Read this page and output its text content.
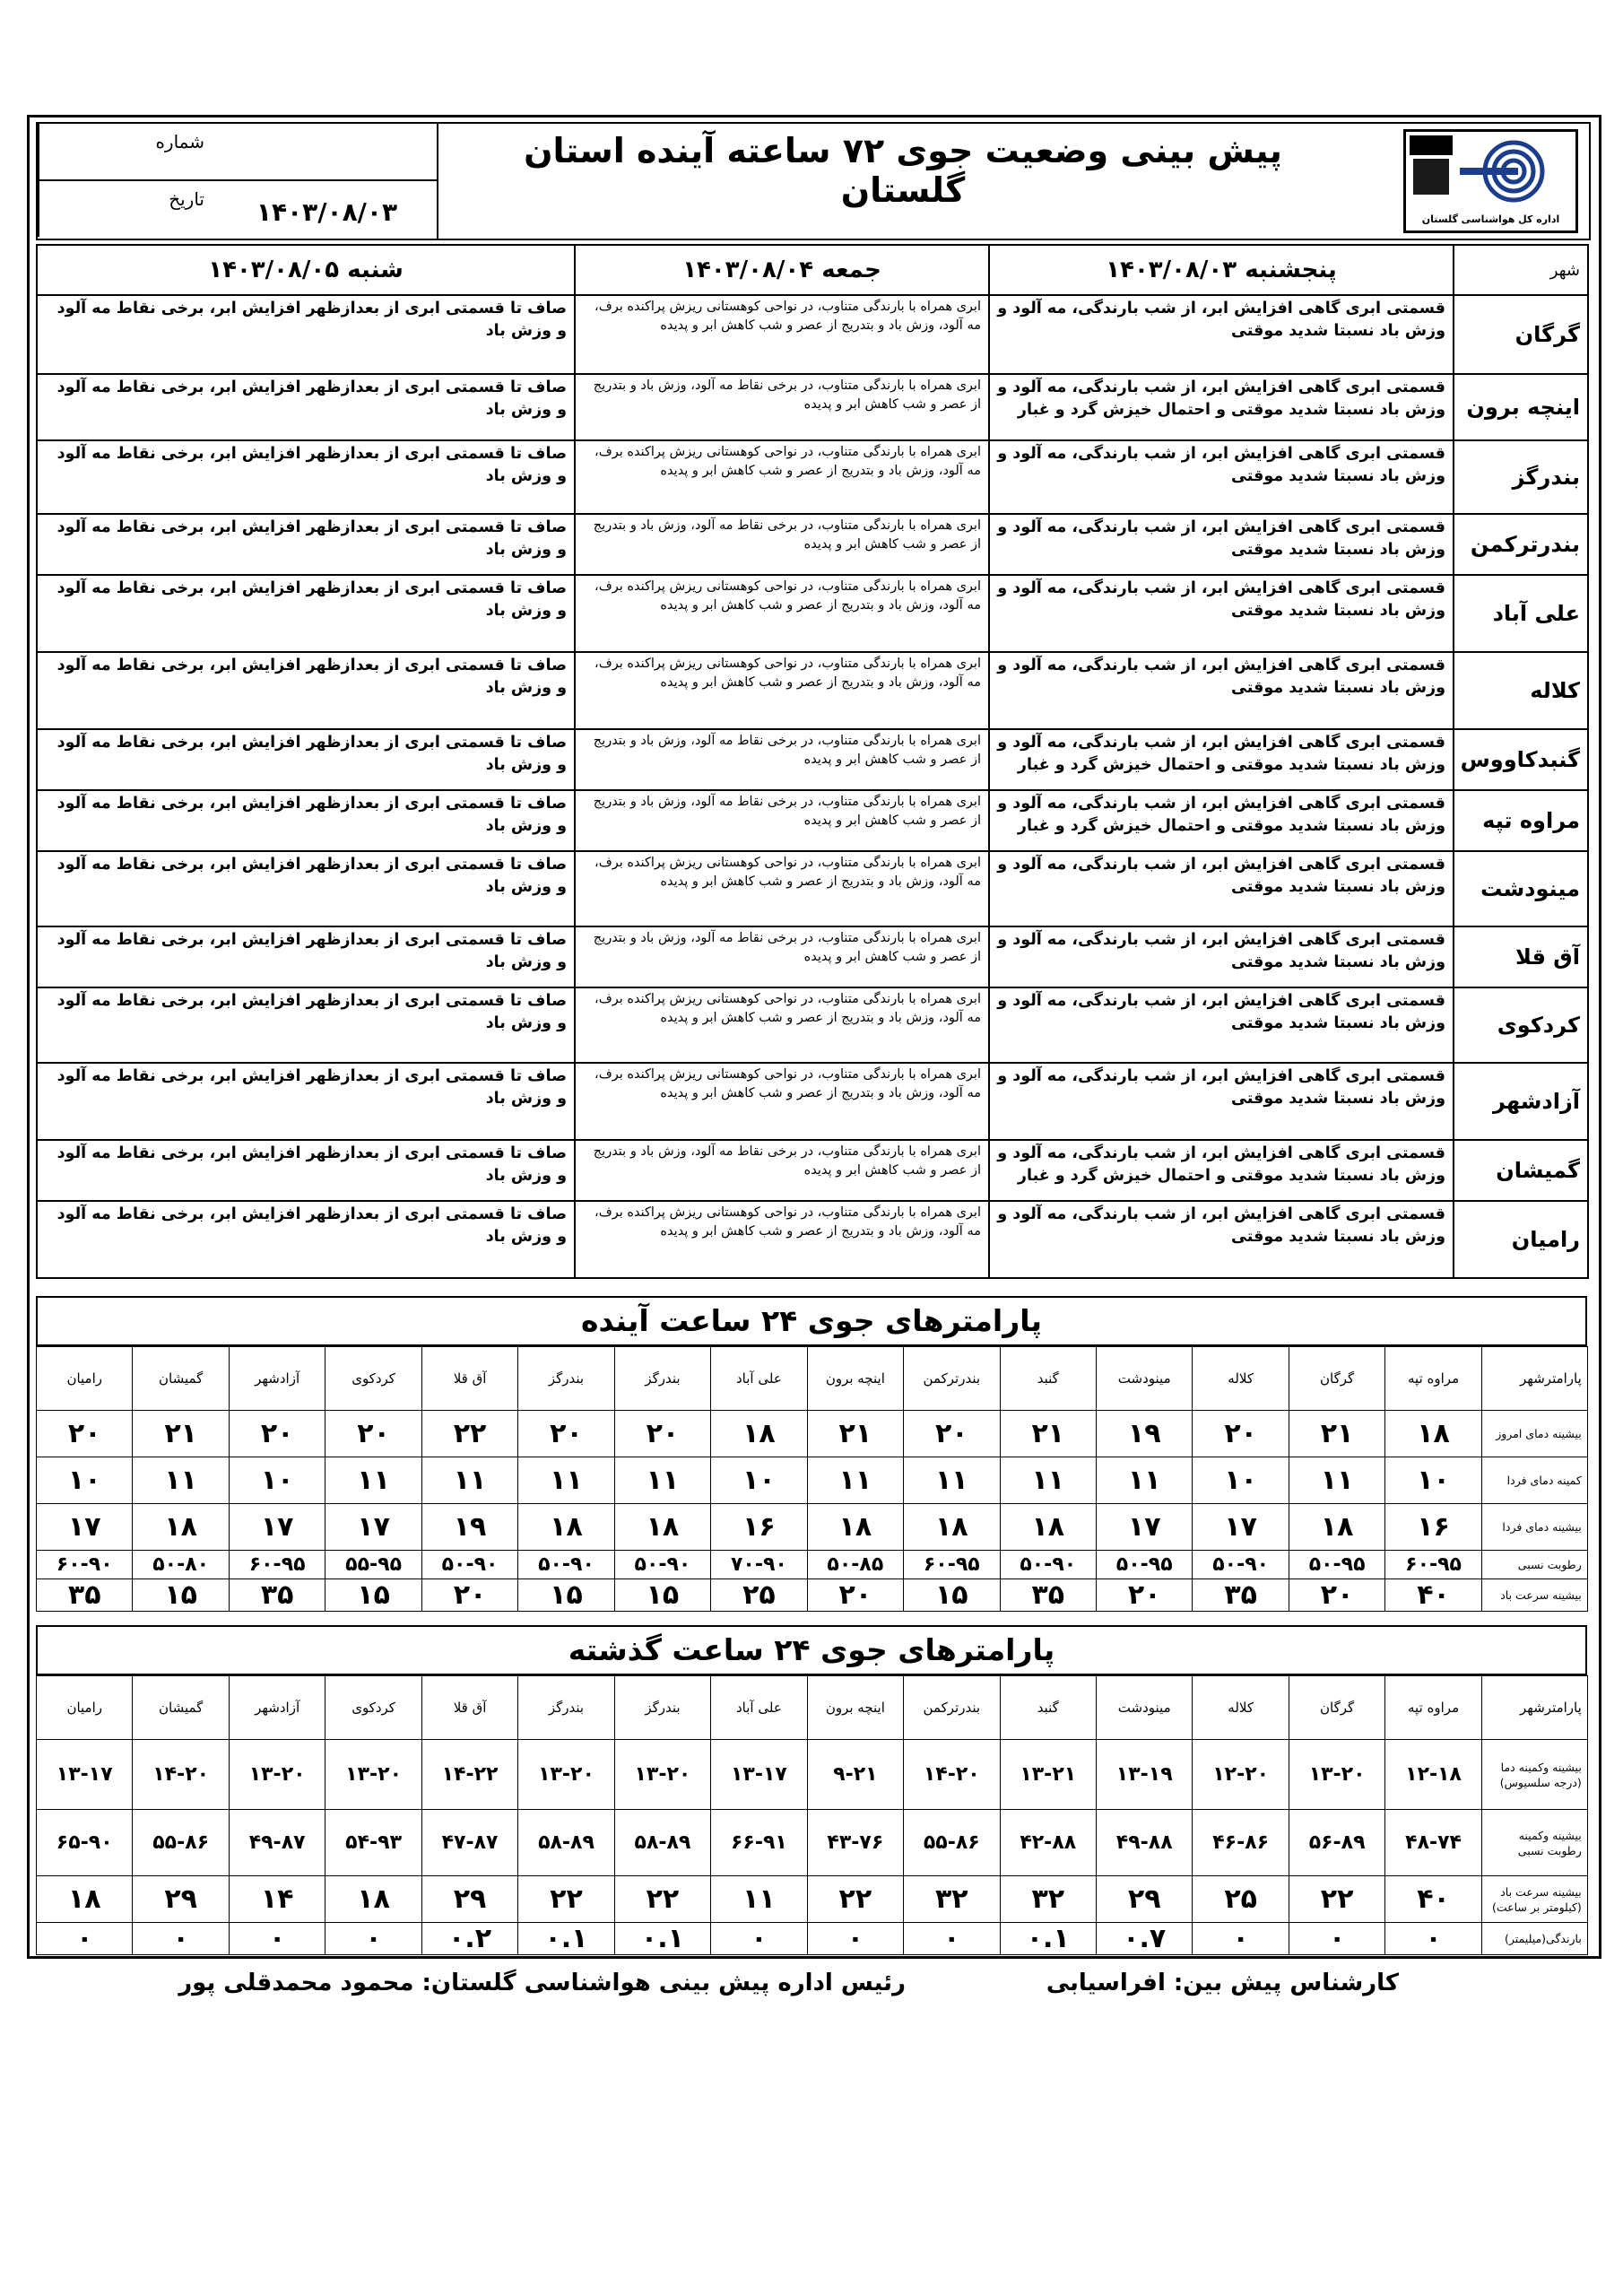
شماره
۱۴۰۳/۰۸/۰۳
تاریخ
پیش بینی وضعیت جوی ۷۲ ساعته آینده استان گلستان
اداره کل هواشناسی گلستان
شهر	پنجشنبه ۱۴۰۳/۰۸/۰۳	جمعه ۱۴۰۳/۰۸/۰۴	شنبه ۱۴۰۳/۰۸/۰۵
گرگان	قسمتی ابری گاهی افزایش ابر، از شب بارندگی، مه آلود و وزش باد نسبتا شدید موقتی	ابری همراه با بارندگی متناوب، در نواحی کوهستانی ریزش پراکنده برف، مه آلود، وزش باد و بتدریج از عصر و شب کاهش ابر و پدیده	صاف تا قسمتی ابری از بعدازظهر افزایش ابر، برخی نقاط مه آلود و وزش باد
اینچه برون	قسمتی ابری گاهی افزایش ابر، از شب بارندگی، مه آلود و وزش باد نسبتا شدید موقتی و احتمال خیزش گرد و غبار	ابری همراه با بارندگی متناوب، در برخی نقاط مه آلود، وزش باد و بتدریج از عصر و شب کاهش ابر و پدیده	صاف تا قسمتی ابری از بعدازظهر افزایش ابر، برخی نقاط مه آلود و وزش باد
بندرگز	قسمتی ابری گاهی افزایش ابر، از شب بارندگی، مه آلود و وزش باد نسبتا شدید موقتی	ابری همراه با بارندگی متناوب، در نواحی کوهستانی ریزش پراکنده برف، مه آلود، وزش باد و بتدریج از عصر و شب کاهش ابر و پدیده	صاف تا قسمتی ابری از بعدازظهر افزایش ابر، برخی نقاط مه آلود و وزش باد
بندرترکمن	قسمتی ابری گاهی افزایش ابر، از شب بارندگی، مه آلود و وزش باد نسبتا شدید موقتی	ابری همراه با بارندگی متناوب، در برخی نقاط مه آلود، وزش باد و بتدریج از عصر و شب کاهش ابر و پدیده	صاف تا قسمتی ابری از بعدازظهر افزایش ابر، برخی نقاط مه آلود و وزش باد
علی آباد	قسمتی ابری گاهی افزایش ابر، از شب بارندگی، مه آلود و وزش باد نسبتا شدید موقتی	ابری همراه با بارندگی متناوب، در نواحی کوهستانی ریزش پراکنده برف، مه آلود، وزش باد و بتدریج از عصر و شب کاهش ابر و پدیده	صاف تا قسمتی ابری از بعدازظهر افزایش ابر، برخی نقاط مه آلود و وزش باد
کلاله	قسمتی ابری گاهی افزایش ابر، از شب بارندگی، مه آلود و وزش باد نسبتا شدید موقتی	ابری همراه با بارندگی متناوب، در نواحی کوهستانی ریزش پراکنده برف، مه آلود، وزش باد و بتدریج از عصر و شب کاهش ابر و پدیده	صاف تا قسمتی ابری از بعدازظهر افزایش ابر، برخی نقاط مه آلود و وزش باد
گنبدکاووس	قسمتی ابری گاهی افزایش ابر، از شب بارندگی، مه آلود و وزش باد نسبتا شدید موقتی و احتمال خیزش گرد و غبار	ابری همراه با بارندگی متناوب، در برخی نقاط مه آلود، وزش باد و بتدریج از عصر و شب کاهش ابر و پدیده	صاف تا قسمتی ابری از بعدازظهر افزایش ابر، برخی نقاط مه آلود و وزش باد
مراوه تپه	قسمتی ابری گاهی افزایش ابر، از شب بارندگی، مه آلود و وزش باد نسبتا شدید موقتی و احتمال خیزش گرد و غبار	ابری همراه با بارندگی متناوب، در برخی نقاط مه آلود، وزش باد و بتدریج از عصر و شب کاهش ابر و پدیده	صاف تا قسمتی ابری از بعدازظهر افزایش ابر، برخی نقاط مه آلود و وزش باد
مینودشت	قسمتی ابری گاهی افزایش ابر، از شب بارندگی، مه آلود و وزش باد نسبتا شدید موقتی	ابری همراه با بارندگی متناوب، در نواحی کوهستانی ریزش پراکنده برف، مه آلود، وزش باد و بتدریج از عصر و شب کاهش ابر و پدیده	صاف تا قسمتی ابری از بعدازظهر افزایش ابر، برخی نقاط مه آلود و وزش باد
آق قلا	قسمتی ابری گاهی افزایش ابر، از شب بارندگی، مه آلود و وزش باد نسبتا شدید موقتی	ابری همراه با بارندگی متناوب، در برخی نقاط مه آلود، وزش باد و بتدریج از عصر و شب کاهش ابر و پدیده	صاف تا قسمتی ابری از بعدازظهر افزایش ابر، برخی نقاط مه آلود و وزش باد
کردکوی	قسمتی ابری گاهی افزایش ابر، از شب بارندگی، مه آلود و وزش باد نسبتا شدید موقتی	ابری همراه با بارندگی متناوب، در نواحی کوهستانی ریزش پراکنده برف، مه آلود، وزش باد و بتدریج از عصر و شب کاهش ابر و پدیده	صاف تا قسمتی ابری از بعدازظهر افزایش ابر، برخی نقاط مه آلود و وزش باد
آزادشهر	قسمتی ابری گاهی افزایش ابر، از شب بارندگی، مه آلود و وزش باد نسبتا شدید موقتی	ابری همراه با بارندگی متناوب، در نواحی کوهستانی ریزش پراکنده برف، مه آلود، وزش باد و بتدریج از عصر و شب کاهش ابر و پدیده	صاف تا قسمتی ابری از بعدازظهر افزایش ابر، برخی نقاط مه آلود و وزش باد
گمیشان	قسمتی ابری گاهی افزایش ابر، از شب بارندگی، مه آلود و وزش باد نسبتا شدید موقتی و احتمال خیزش گرد و غبار	ابری همراه با بارندگی متناوب، در برخی نقاط مه آلود، وزش باد و بتدریج از عصر و شب کاهش ابر و پدیده	صاف تا قسمتی ابری از بعدازظهر افزایش ابر، برخی نقاط مه آلود و وزش باد
رامیان	قسمتی ابری گاهی افزایش ابر، از شب بارندگی، مه آلود و وزش باد نسبتا شدید موقتی	ابری همراه با بارندگی متناوب، در نواحی کوهستانی ریزش پراکنده برف، مه آلود، وزش باد و بتدریج از عصر و شب کاهش ابر و پدیده	صاف تا قسمتی ابری از بعدازظهر افزایش ابر، برخی نقاط مه آلود و وزش باد
پارامترهای جوی ۲۴ ساعت آینده
پارامترشهر	مراوه تپه	گرگان	کلاله	مینودشت	گنبد	بندرترکمن	اینچه برون	علی آباد	بندرگز	بندرگز	آق قلا	کردکوی	آزادشهر	گمیشان	رامیان
بیشینه دمای امروز	۱۸	۲۱	۲۰	۱۹	۲۱	۲۰	۲۱	۱۸	۲۰	۲۰	۲۲	۲۰	۲۰	۲۱	۲۰
کمینه دمای فردا	۱۰	۱۱	۱۰	۱۱	۱۱	۱۱	۱۱	۱۰	۱۱	۱۱	۱۱	۱۱	۱۰	۱۱	۱۰
بیشینه دمای فردا	۱۶	۱۸	۱۷	۱۷	۱۸	۱۸	۱۸	۱۶	۱۸	۱۸	۱۹	۱۷	۱۷	۱۸	۱۷
رطوبت نسبی	۶۰-۹۵	۵۰-۹۵	۵۰-۹۰	۵۰-۹۵	۵۰-۹۰	۶۰-۹۵	۵۰-۸۵	۷۰-۹۰	۵۰-۹۰	۵۰-۹۰	۵۰-۹۰	۵۵-۹۵	۶۰-۹۵	۵۰-۸۰	۶۰-۹۰
بیشینه سرعت باد	۴۰	۲۰	۳۵	۲۰	۳۵	۱۵	۲۰	۲۵	۱۵	۱۵	۲۰	۱۵	۳۵	۱۵	۳۵
پارامترهای جوی ۲۴ ساعت گذشته
پارامترشهر	مراوه تپه	گرگان	کلاله	مینودشت	گنبد	بندرترکمن	اینچه برون	علی آباد	بندرگز	بندرگز	آق قلا	کردکوی	آزادشهر	گمیشان	رامیان
بیشینه وکمینه دما (درجه سلسیوس)	۱۲-۱۸	۱۳-۲۰	۱۲-۲۰	۱۳-۱۹	۱۳-۲۱	۱۴-۲۰	۹-۲۱	۱۳-۱۷	۱۳-۲۰	۱۳-۲۰	۱۴-۲۲	۱۳-۲۰	۱۳-۲۰	۱۴-۲۰	۱۳-۱۷
بیشینه وکمینه رطوبت نسبی	۴۸-۷۴	۵۶-۸۹	۴۶-۸۶	۴۹-۸۸	۴۲-۸۸	۵۵-۸۶	۴۳-۷۶	۶۶-۹۱	۵۸-۸۹	۵۸-۸۹	۴۷-۸۷	۵۴-۹۳	۴۹-۸۷	۵۵-۸۶	۶۵-۹۰
بیشینه سرعت باد (کیلومتر بر ساعت)	۴۰	۲۲	۲۵	۲۹	۳۲	۳۲	۲۲	۱۱	۲۲	۲۲	۲۹	۱۸	۱۴	۲۹	۱۸
بارندگی(میلیمتر)	۰	۰	۰	۰.۷	۰.۱	۰	۰	۰	۰.۱	۰.۱	۰.۲	۰	۰	۰	۰
کارشناس پیش بین: افراسیابی
رئیس اداره پیش بینی هواشناسی گلستان: محمود محمدقلی پور
